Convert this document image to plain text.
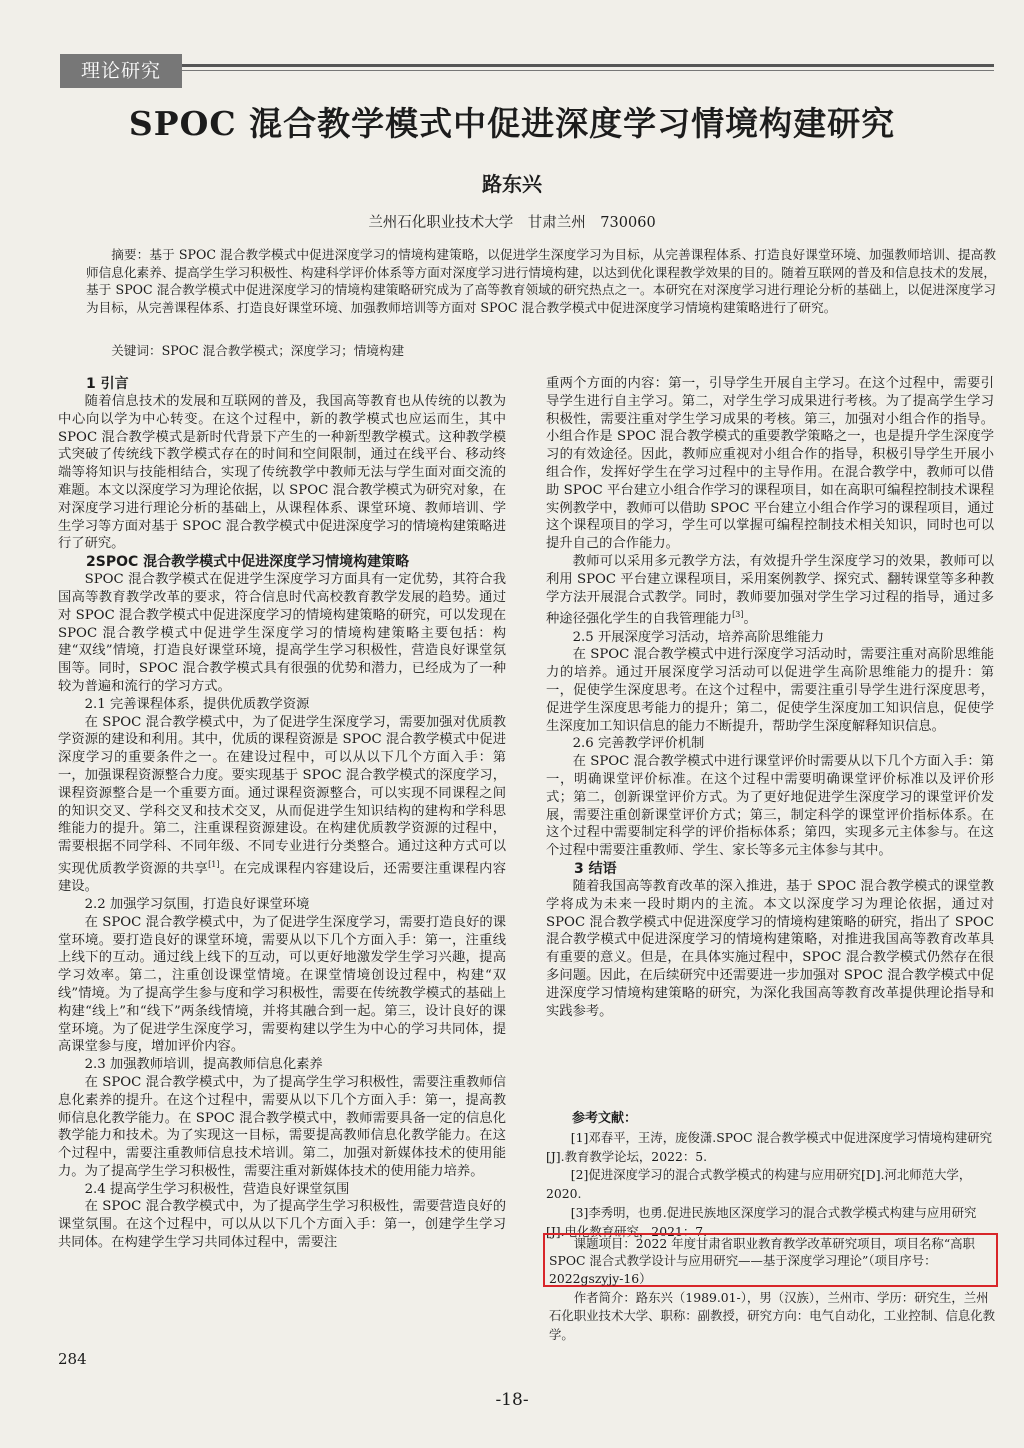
理论研究
SPOC 混合教学模式中促进深度学习情境构建研究
路东兴
兰州石化职业技术大学　甘肃兰州　730060
摘要：基于 SPOC 混合教学模式中促进深度学习的情境构建策略，以促进学生深度学习为目标，从完善课程体系、打造良好课堂环境、加强教师培训、提高教师信息化素养、提高学生学习积极性、构建科学评价体系等方面对深度学习进行情境构建，以达到优化课程教学效果的目的。随着互联网的普及和信息技术的发展，基于 SPOC 混合教学模式中促进深度学习的情境构建策略研究成为了高等教育领域的研究热点之一。本研究在对深度学习进行理论分析的基础上，以促进深度学习为目标，从完善课程体系、打造良好课堂环境、加强教师培训等方面对 SPOC 混合教学模式中促进深度学习情境构建策略进行了研究。
关键词：SPOC 混合教学模式；深度学习；情境构建
1 引言

随着信息技术的发展和互联网的普及，我国高等教育也从传统的以教为中心向以学为中心转变。在这个过程中，新的教学模式也应运而生，其中 SPOC 混合教学模式是新时代背景下产生的一种新型教学模式。这种教学模式突破了传统线下教学模式存在的时间和空间限制，通过在线平台、移动终端等将知识与技能相结合，实现了传统教学中教师无法与学生面对面交流的难题。本文以深度学习为理论依据，以 SPOC 混合教学模式为研究对象，在对深度学习进行理论分析的基础上，从课程体系、课堂环境、教师培训、学生学习等方面对基于 SPOC 混合教学模式中促进深度学习的情境构建策略进行了研究。

2SPOC 混合教学模式中促进深度学习情境构建策略

SPOC 混合教学模式在促进学生深度学习方面具有一定优势，其符合我国高等教育教学改革的要求，符合信息时代高校教育教学发展的趋势。通过对 SPOC 混合教学模式中促进深度学习的情境构建策略的研究，可以发现在 SPOC 混合教学模式中促进学生深度学习的情境构建策略主要包括：构建“双线”情境，打造良好课堂环境，提高学生学习积极性，营造良好课堂氛围等。同时，SPOC 混合教学模式具有很强的优势和潜力，已经成为了一种较为普遍和流行的学习方式。

2.1 完善课程体系，提供优质教学资源

在 SPOC 混合教学模式中，为了促进学生深度学习，需要加强对优质教学资源的建设和利用。其中，优质的课程资源是 SPOC 混合教学模式中促进深度学习的重要条件之一。在建设过程中，可以从以下几个方面入手：第一，加强课程资源整合力度。要实现基于 SPOC 混合教学模式的深度学习，课程资源整合是一个重要方面。通过课程资源整合，可以实现不同课程之间的知识交叉、学科交叉和技术交叉，从而促进学生知识结构的建构和学科思维能力的提升。第二，注重课程资源建设。在构建优质教学资源的过程中，需要根据不同学科、不同年级、不同专业进行分类整合。通过这种方式可以实现优质教学资源的共享[1]。在完成课程内容建设后，还需要注重课程内容建设。

2.2 加强学习氛围，打造良好课堂环境

在 SPOC 混合教学模式中，为了促进学生深度学习，需要打造良好的课堂环境。要打造良好的课堂环境，需要从以下几个方面入手：第一，注重线上线下的互动。通过线上线下的互动，可以更好地激发学生学习兴趣，提高学习效率。第二，注重创设课堂情境。在课堂情境创设过程中，构建“双线”情境。为了提高学生参与度和学习积极性，需要在传统教学模式的基础上构建“线上”和“线下”两条线情境，并将其融合到一起。第三，设计良好的课堂环境。为了促进学生深度学习，需要构建以学生为中心的学习共同体，提高课堂参与度，增加评价内容。

2.3 加强教师培训，提高教师信息化素养

在 SPOC 混合教学模式中，为了提高学生学习积极性，需要注重教师信息化素养的提升。在这个过程中，需要从以下几个方面入手：第一，提高教师信息化教学能力。在 SPOC 混合教学模式中，教师需要具备一定的信息化教学能力和技术。为了实现这一目标，需要提高教师信息化教学能力。在这个过程中，需要注重教师信息技术培训。第二，加强对新媒体技术的使用能力。为了提高学生学习积极性，需要注重对新媒体技术的使用能力培养。

2.4 提高学生学习积极性，营造良好课堂氛围

在 SPOC 混合教学模式中，为了提高学生学习积极性，需要营造良好的课堂氛围。在这个过程中，可以从以下几个方面入手：第一，创建学生学习共同体。在构建学生学习共同体过程中，需要注

重两个方面的内容：第一，引导学生开展自主学习。在这个过程中，需要引导学生进行自主学习。第二，对学生学习成果进行考核。为了提高学生学习积极性，需要注重对学生学习成果的考核。第三，加强对小组合作的指导。小组合作是 SPOC 混合教学模式的重要教学策略之一，也是提升学生深度学习的有效途径。因此，教师应重视对小组合作的指导，积极引导学生开展小组合作，发挥好学生在学习过程中的主导作用。在混合教学中，教师可以借助 SPOC 平台建立小组合作学习的课程项目，如在高职可编程控制技术课程实例教学中，教师可以借助 SPOC 平台建立小组合作学习的课程项目，通过这个课程项目的学习，学生可以掌握可编程控制技术相关知识，同时也可以提升自己的合作能力。

教师可以采用多元教学方法，有效提升学生深度学习的效果，教师可以利用 SPOC 平台建立课程项目，采用案例教学、探究式、翻转课堂等多种教学方法开展混合式教学。同时，教师要加强对学生学习过程的指导，通过多种途径强化学生的自我管理能力[3]。

2.5 开展深度学习活动，培养高阶思维能力

在 SPOC 混合教学模式中进行深度学习活动时，需要注重对高阶思维能力的培养。通过开展深度学习活动可以促进学生高阶思维能力的提升：第一，促使学生深度思考。在这个过程中，需要注重引导学生进行深度思考，促进学生深度思考能力的提升；第二，促使学生深度加工知识信息，促使学生深度加工知识信息的能力不断提升，帮助学生深度解释知识信息。

2.6 完善教学评价机制

在 SPOC 混合教学模式中进行课堂评价时需要从以下几个方面入手：第一，明确课堂评价标准。在这个过程中需要明确课堂评价标准以及评价形式；第二，创新课堂评价方式。为了更好地促进学生深度学习的课堂评价发展，需要注重创新课堂评价方式；第三，制定科学的课堂评价指标体系。在这个过程中需要制定科学的评价指标体系；第四，实现多元主体参与。在这个过程中需要注重教师、学生、家长等多元主体参与其中。

3 结语

随着我国高等教育改革的深入推进，基于 SPOC 混合教学模式的课堂教学将成为未来一段时期内的主流。本文以深度学习为理论依据，通过对 SPOC 混合教学模式中促进深度学习的情境构建策略的研究，指出了 SPOC 混合教学模式中促进深度学习的情境构建策略，对推进我国高等教育改革具有重要的意义。但是，在具体实施过程中，SPOC 混合教学模式仍然存在很多问题。因此，在后续研究中还需要进一步加强对 SPOC 混合教学模式中促进深度学习情境构建策略的研究，为深化我国高等教育改革提供理论指导和实践参考。

参考文献：

[1]邓春平，王涛，庞俊潇.SPOC 混合教学模式中促进深度学习情境构建研究[J].教育教学论坛，2022：5.

[2]促进深度学习的混合式教学模式的构建与应用研究[D].河北师范大学，2020.

[3]李秀明，也勇.促进民族地区深度学习的混合式教学模式构建与应用研究[J].电化教育研究，2021：7.

课题项目：2022 年度甘肃省职业教育教学改革研究项目，项目名称“高职 SPOC 混合式教学设计与应用研究——基于深度学习理论”（项目序号：2022gszyjy-16）
作者简介：路东兴（1989.01-），男（汉族），兰州市、学历：研究生，兰州石化职业技术大学、职称：副教授，研究方向：电气自动化，工业控制、信息化教学。
284
-18-
